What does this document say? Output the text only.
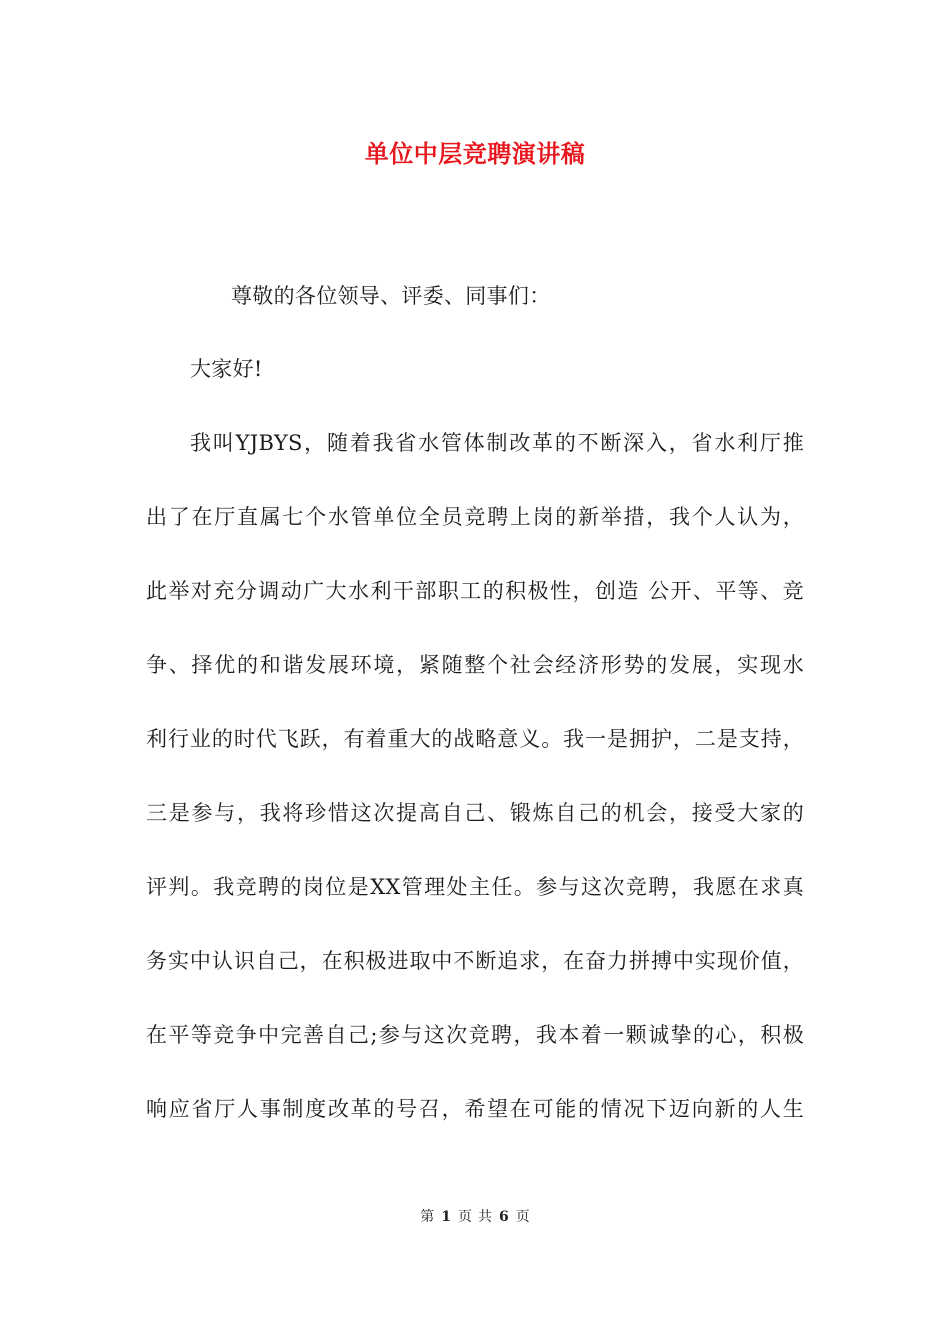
单位中层竞聘演讲稿
尊敬的各位领导、评委、同事们：
大家好!
我叫YJBYS，随着我省水管体制改革的不断深入，省水利厅推
出了在厅直属七个水管单位全员竞聘上岗的新举措，我个人认为，
此举对充分调动广大水利干部职工的积极性，创造 公开、平等、竞
争、择优的和谐发展环境，紧随整个社会经济形势的发展，实现水
利行业的时代飞跃，有着重大的战略意义。我一是拥护，二是支持，
三是参与，我将珍惜这次提高自己、锻炼自己的机会，接受大家的
评判。我竞聘的岗位是XX管理处主任。参与这次竞聘，我愿在求真
务实中认识自己，在积极进取中不断追求，在奋力拼搏中实现价值，
在平等竞争中完善自己;参与这次竞聘，我本着一颗诚挚的心，积极
响应省厅人事制度改革的号召，希望在可能的情况下迈向新的人生
第 1 页 共 6 页
